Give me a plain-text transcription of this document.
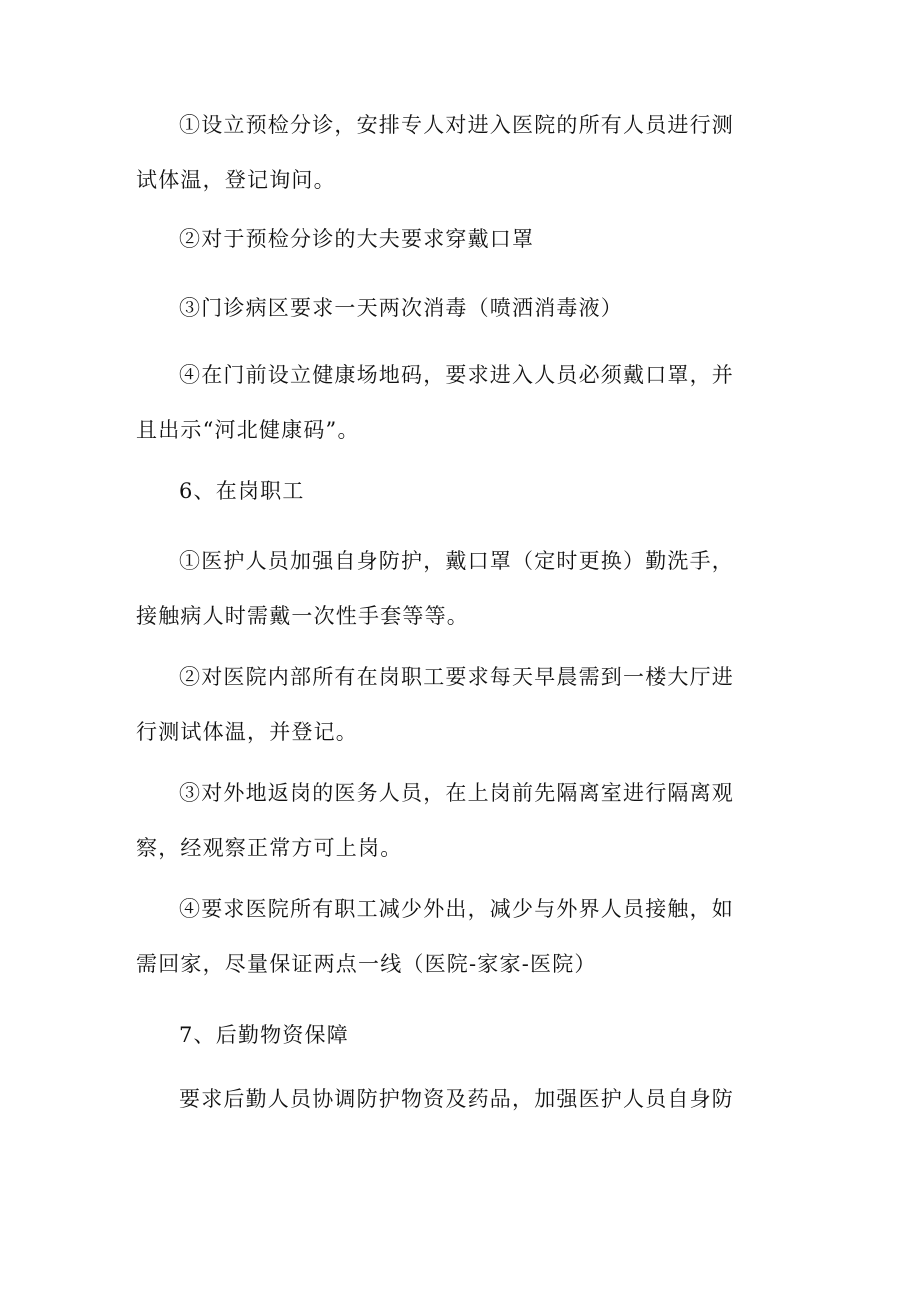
①设立预检分诊，安排专人对进入医院的所有人员进行测
试体温，登记询问。
②对于预检分诊的大夫要求穿戴口罩
③门诊病区要求一天两次消毒（喷洒消毒液）
④在门前设立健康场地码，要求进入人员必须戴口罩，并
且出示“河北健康码”。
6、在岗职工
①医护人员加强自身防护，戴口罩（定时更换）勤洗手，
接触病人时需戴一次性手套等等。
②对医院内部所有在岗职工要求每天早晨需到一楼大厅进
行测试体温，并登记。
③对外地返岗的医务人员，在上岗前先隔离室进行隔离观
察，经观察正常方可上岗。
④要求医院所有职工减少外出，减少与外界人员接触，如
需回家，尽量保证两点一线（医院-家家-医院）
7、后勤物资保障
要求后勤人员协调防护物资及药品，加强医护人员自身防
